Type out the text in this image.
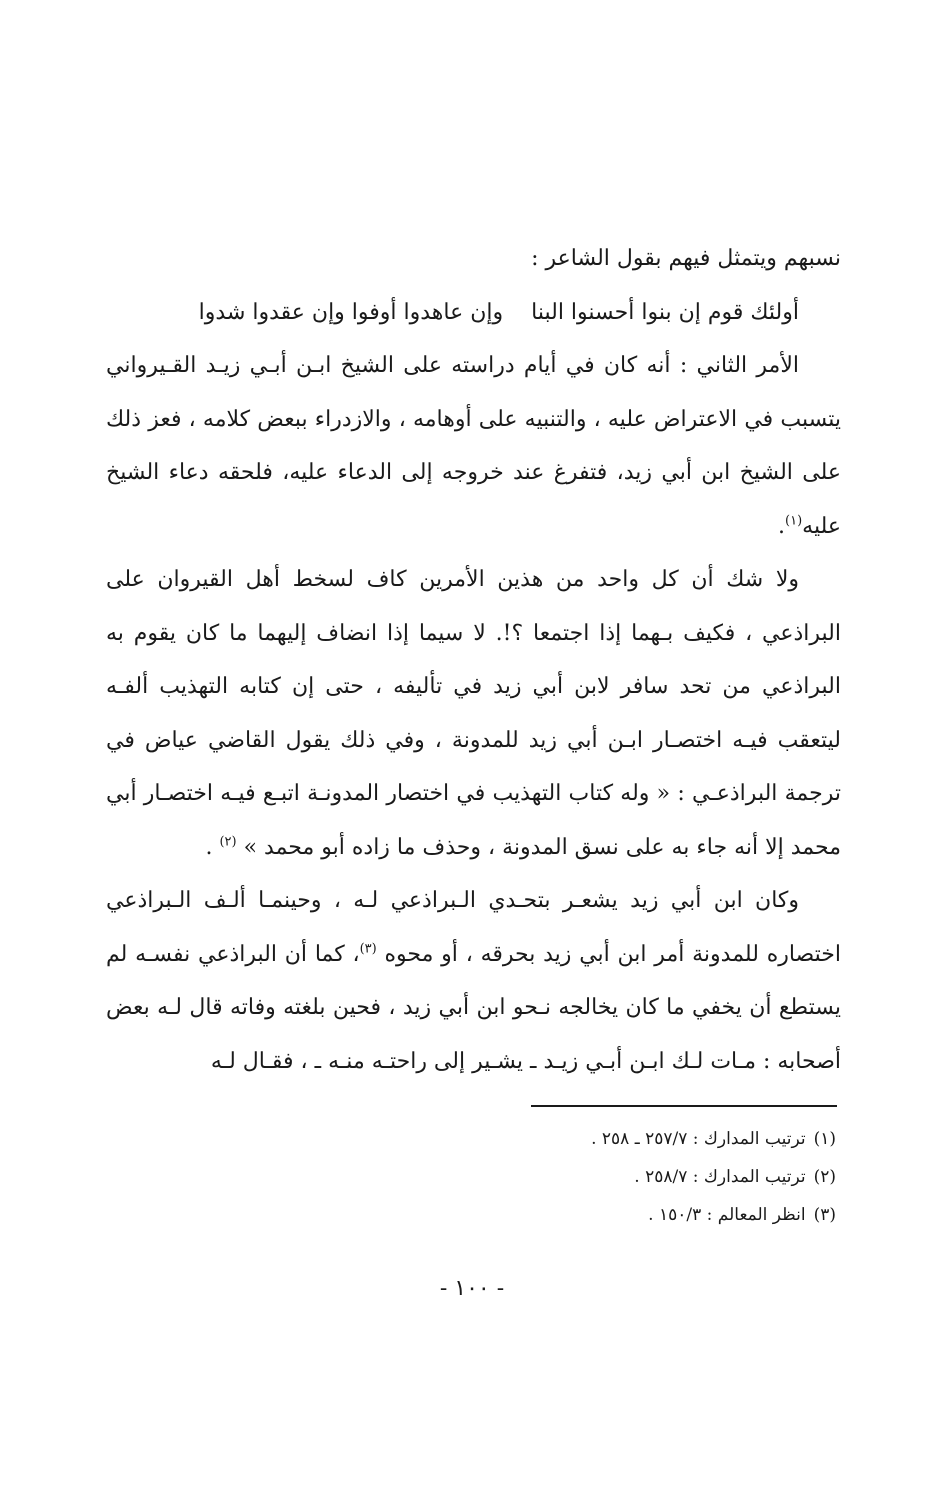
نسبهم ويتمثل فيهم بقول الشاعر :

أولئك قوم إن بنوا أحسنوا البنا
وإن عاهدوا أوفوا وإن عقدوا شدوا

الأمر الثاني : أنه كان في أيام دراسته على الشيخ ابـن أبـي زيـد القـيرواني يتسبب في الاعتراض عليه ، والتنبيه على أوهامه ، والازدراء ببعض كلامه ، فعز ذلك على الشيخ ابن أبي زيد، فتفرغ عند خروجه إلى الدعاء عليه، فلحقه دعاء الشيخ عليه$^{(١)}$.

ولا شك أن كل واحد من هذين الأمرين كاف لسخط أهل القيروان على البراذعي ، فكيف بـهما إذا اجتمعا ؟!. لا سيما إذا انضاف إليهما ما كان يقوم به البراذعي من تحد سافر لابن أبي زيد في تأليفه ، حتى إن كتابه التهذيب ألفـه ليتعقب فيـه اختصـار ابـن أبي زيد للمدونة ، وفي ذلك يقول القاضي عياض في ترجمة البراذعـي : « وله كتاب التهذيب في اختصار المدونـة اتبـع فيـه اختصـار أبي محمد إلا أنه جاء به على نسق المدونة ، وحذف ما زاده أبو محمد » $^{(٢)}$ .

وكان ابن أبي زيد يشعـر بتحـدي الـبراذعي لـه ، وحينمـا ألـف الـبراذعي اختصاره للمدونة أمر ابن أبي زيد بحرقه ، أو محوه $^{(٣)}$، كما أن البراذعي نفسـه لم يستطع أن يخفي ما كان يخالجه نـحو ابن أبي زيد ، فحين بلغته وفاته قال لـه بعض أصحابه : مـات لـك ابـن أبـي زيـد ـ يشـير إلى راحتـه منـه ـ ، فقـال لـه

(١)ترتيب المدارك : ٢٥٧/٧ ـ ٢٥٨ .

(٢)ترتيب المدارك : ٢٥٨/٧ .

(٣)انظر المعالم : ١٥٠/٣ .

- ١٠٠ -
